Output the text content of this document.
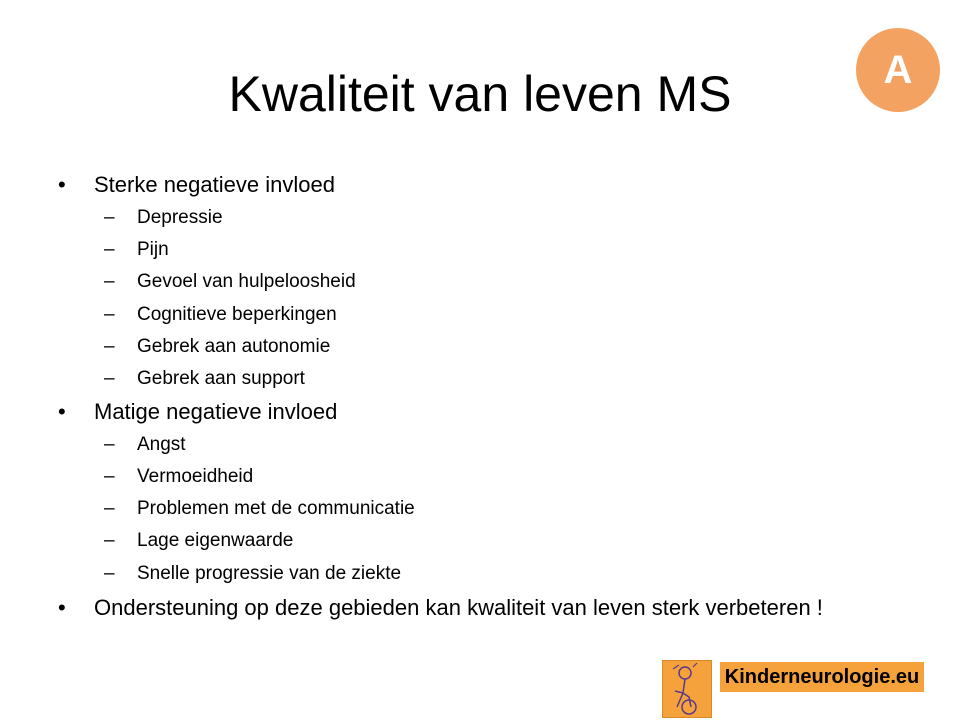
Kwaliteit van leven MS	A
• Sterke negatieve invloed
– Depressie
– Pijn
– Gevoel van hulpeloosheid
– Cognitieve beperkingen
– Gebrek aan autonomie
– Gebrek aan support
• Matige negatieve invloed
– Angst
– Vermoeidheid
– Problemen met de communicatie
– Lage eigenwaarde
– Snelle progressie van de ziekte
• Ondersteuning op deze gebieden kan kwaliteit van leven sterk verbeteren !
Kinderneurologie.eu
